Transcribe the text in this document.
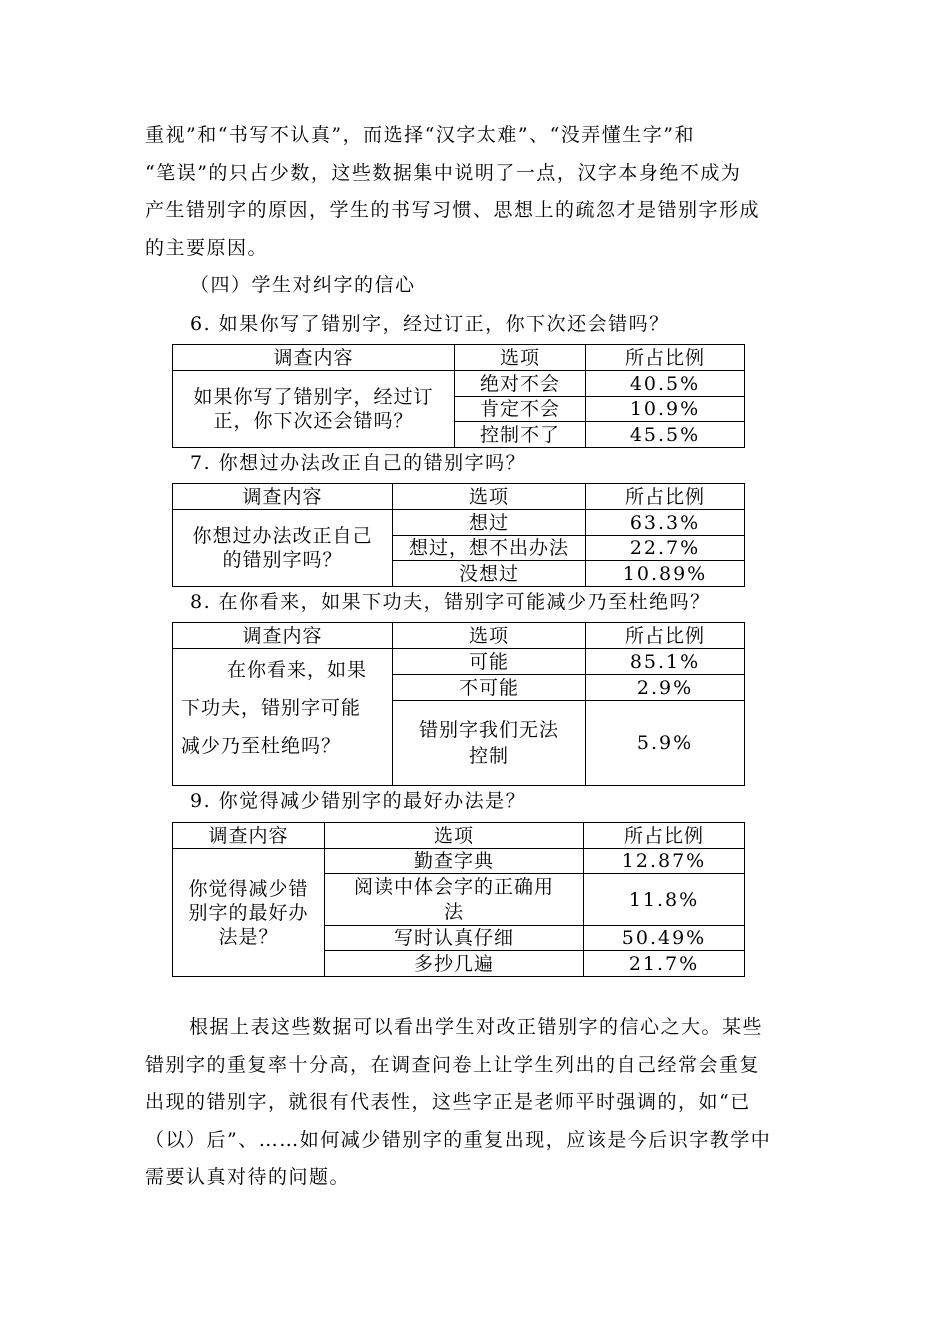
重视”和“书写不认真”，而选择“汉字太难”、“没弄懂生字”和
“笔误”的只占少数，这些数据集中说明了一点，汉字本身绝不成为
产生错别字的原因，学生的书写习惯、思想上的疏忽才是错别字形成
的主要原因。
（四）学生对纠字的信心
6. 如果你写了错别字，经过订正，你下次还会错吗？
调查内容	选项	所占比例

如果你写了错别字，经过订
正，你下次还会错吗？	绝对不会	40.5%
	肯定不会	10.9%
	控制不了	45.5%
7. 你想过办法改正自己的错别字吗？
调查内容	选项	所占比例

你想过办法改正自己
的错别字吗？	想过	63.3%
	想过，想不出办法	22.7%
	没想过	10.89%
8. 在你看来，如果下功夫，错别字可能减少乃至杜绝吗？
调查内容	选项	所占比例

在你看来，如果
下功夫，错别字可能
减少乃至杜绝吗？	可能	85.1%
	不可能	2.9%

	错别字我们无法
控制	5.9%
9. 你觉得减少错别字的最好办法是？
调查内容	选项	所占比例

你觉得减少错
别字的最好办
法是？	勤查字典	12.87%

	阅读中体会字的正确用
法	11.8%
	写时认真仔细	50.49%
	多抄几遍	21.7%
根据上表这些数据可以看出学生对改正错别字的信心之大。某些
错别字的重复率十分高，在调查问卷上让学生列出的自己经常会重复
出现的错别字，就很有代表性，这些字正是老师平时强调的，如“已
（以）后”、……如何减少错别字的重复出现，应该是今后识字教学中
需要认真对待的问题。
